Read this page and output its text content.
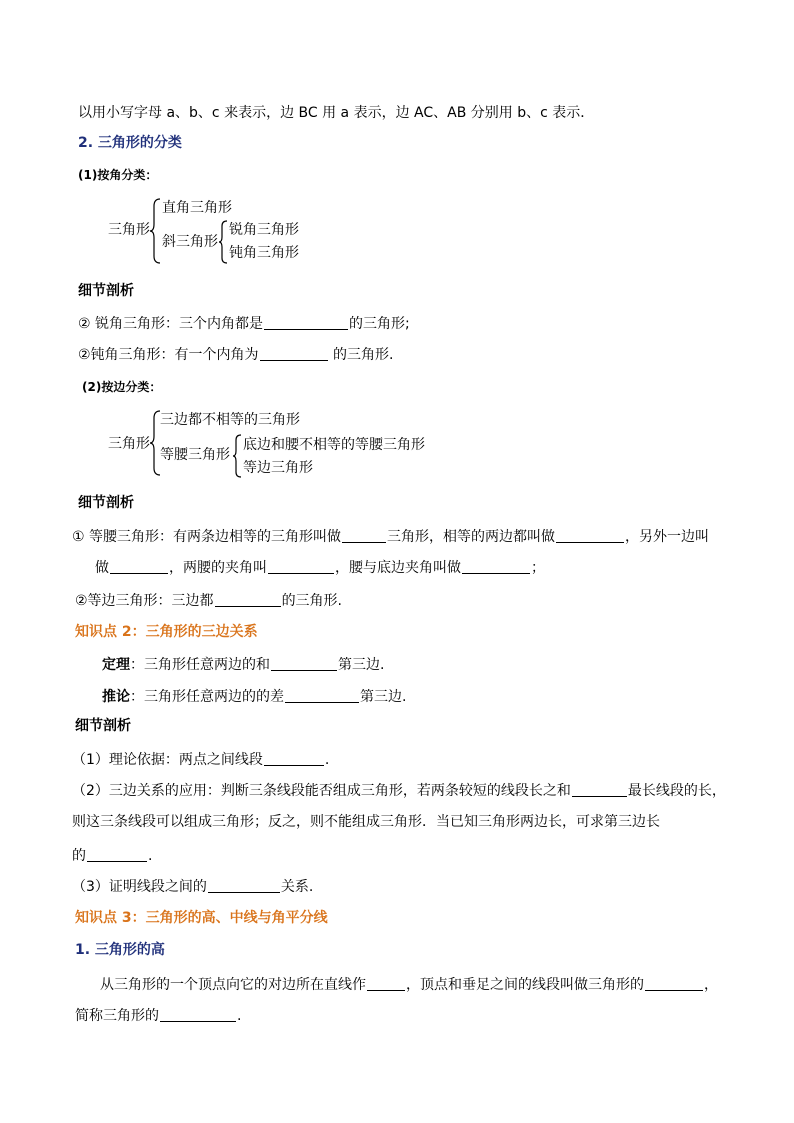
以用小写字母 a、b、c 来表示，边 BC 用 a 表示，边 AC、AB 分别用 b、c 表示．
2. 三角形的分类
(1)按角分类：
三角形
直角三角形
斜三角形
锐角三角形
钝角三角形
细节剖析
② 锐角三角形：三个内角都是	的三角形;
②钝角三角形：有一个内角为	的三角形.
(2)按边分类：
三角形
三边都不相等的三角形
等腰三角形
底边和腰不相等的等腰三角形
等边三角形
细节剖析
① 等腰三角形：有两条边相等的三角形叫做	三角形，相等的两边都叫做	，另外一边叫
做	，两腰的夹角叫	，腰与底边夹角叫做	；
②等边三角形：三边都	的三角形.
知识点 2：三角形的三边关系
定理：三角形任意两边的和	第三边.
推论：三角形任意两边的的差	第三边.
细节剖析
（1）理论依据：两点之间线段	.
（2）三边关系的应用：判断三条线段能否组成三角形，若两条较短的线段长之和	最长线段的长，
则这三条线段可以组成三角形；反之，则不能组成三角形．当已知三角形两边长，可求第三边长
的	.
（3）证明线段之间的	关系.
知识点 3：三角形的高、中线与角平分线
1. 三角形的高
从三角形的一个顶点向它的对边所在直线作	，顶点和垂足之间的线段叫做三角形的	，
简称三角形的	.
